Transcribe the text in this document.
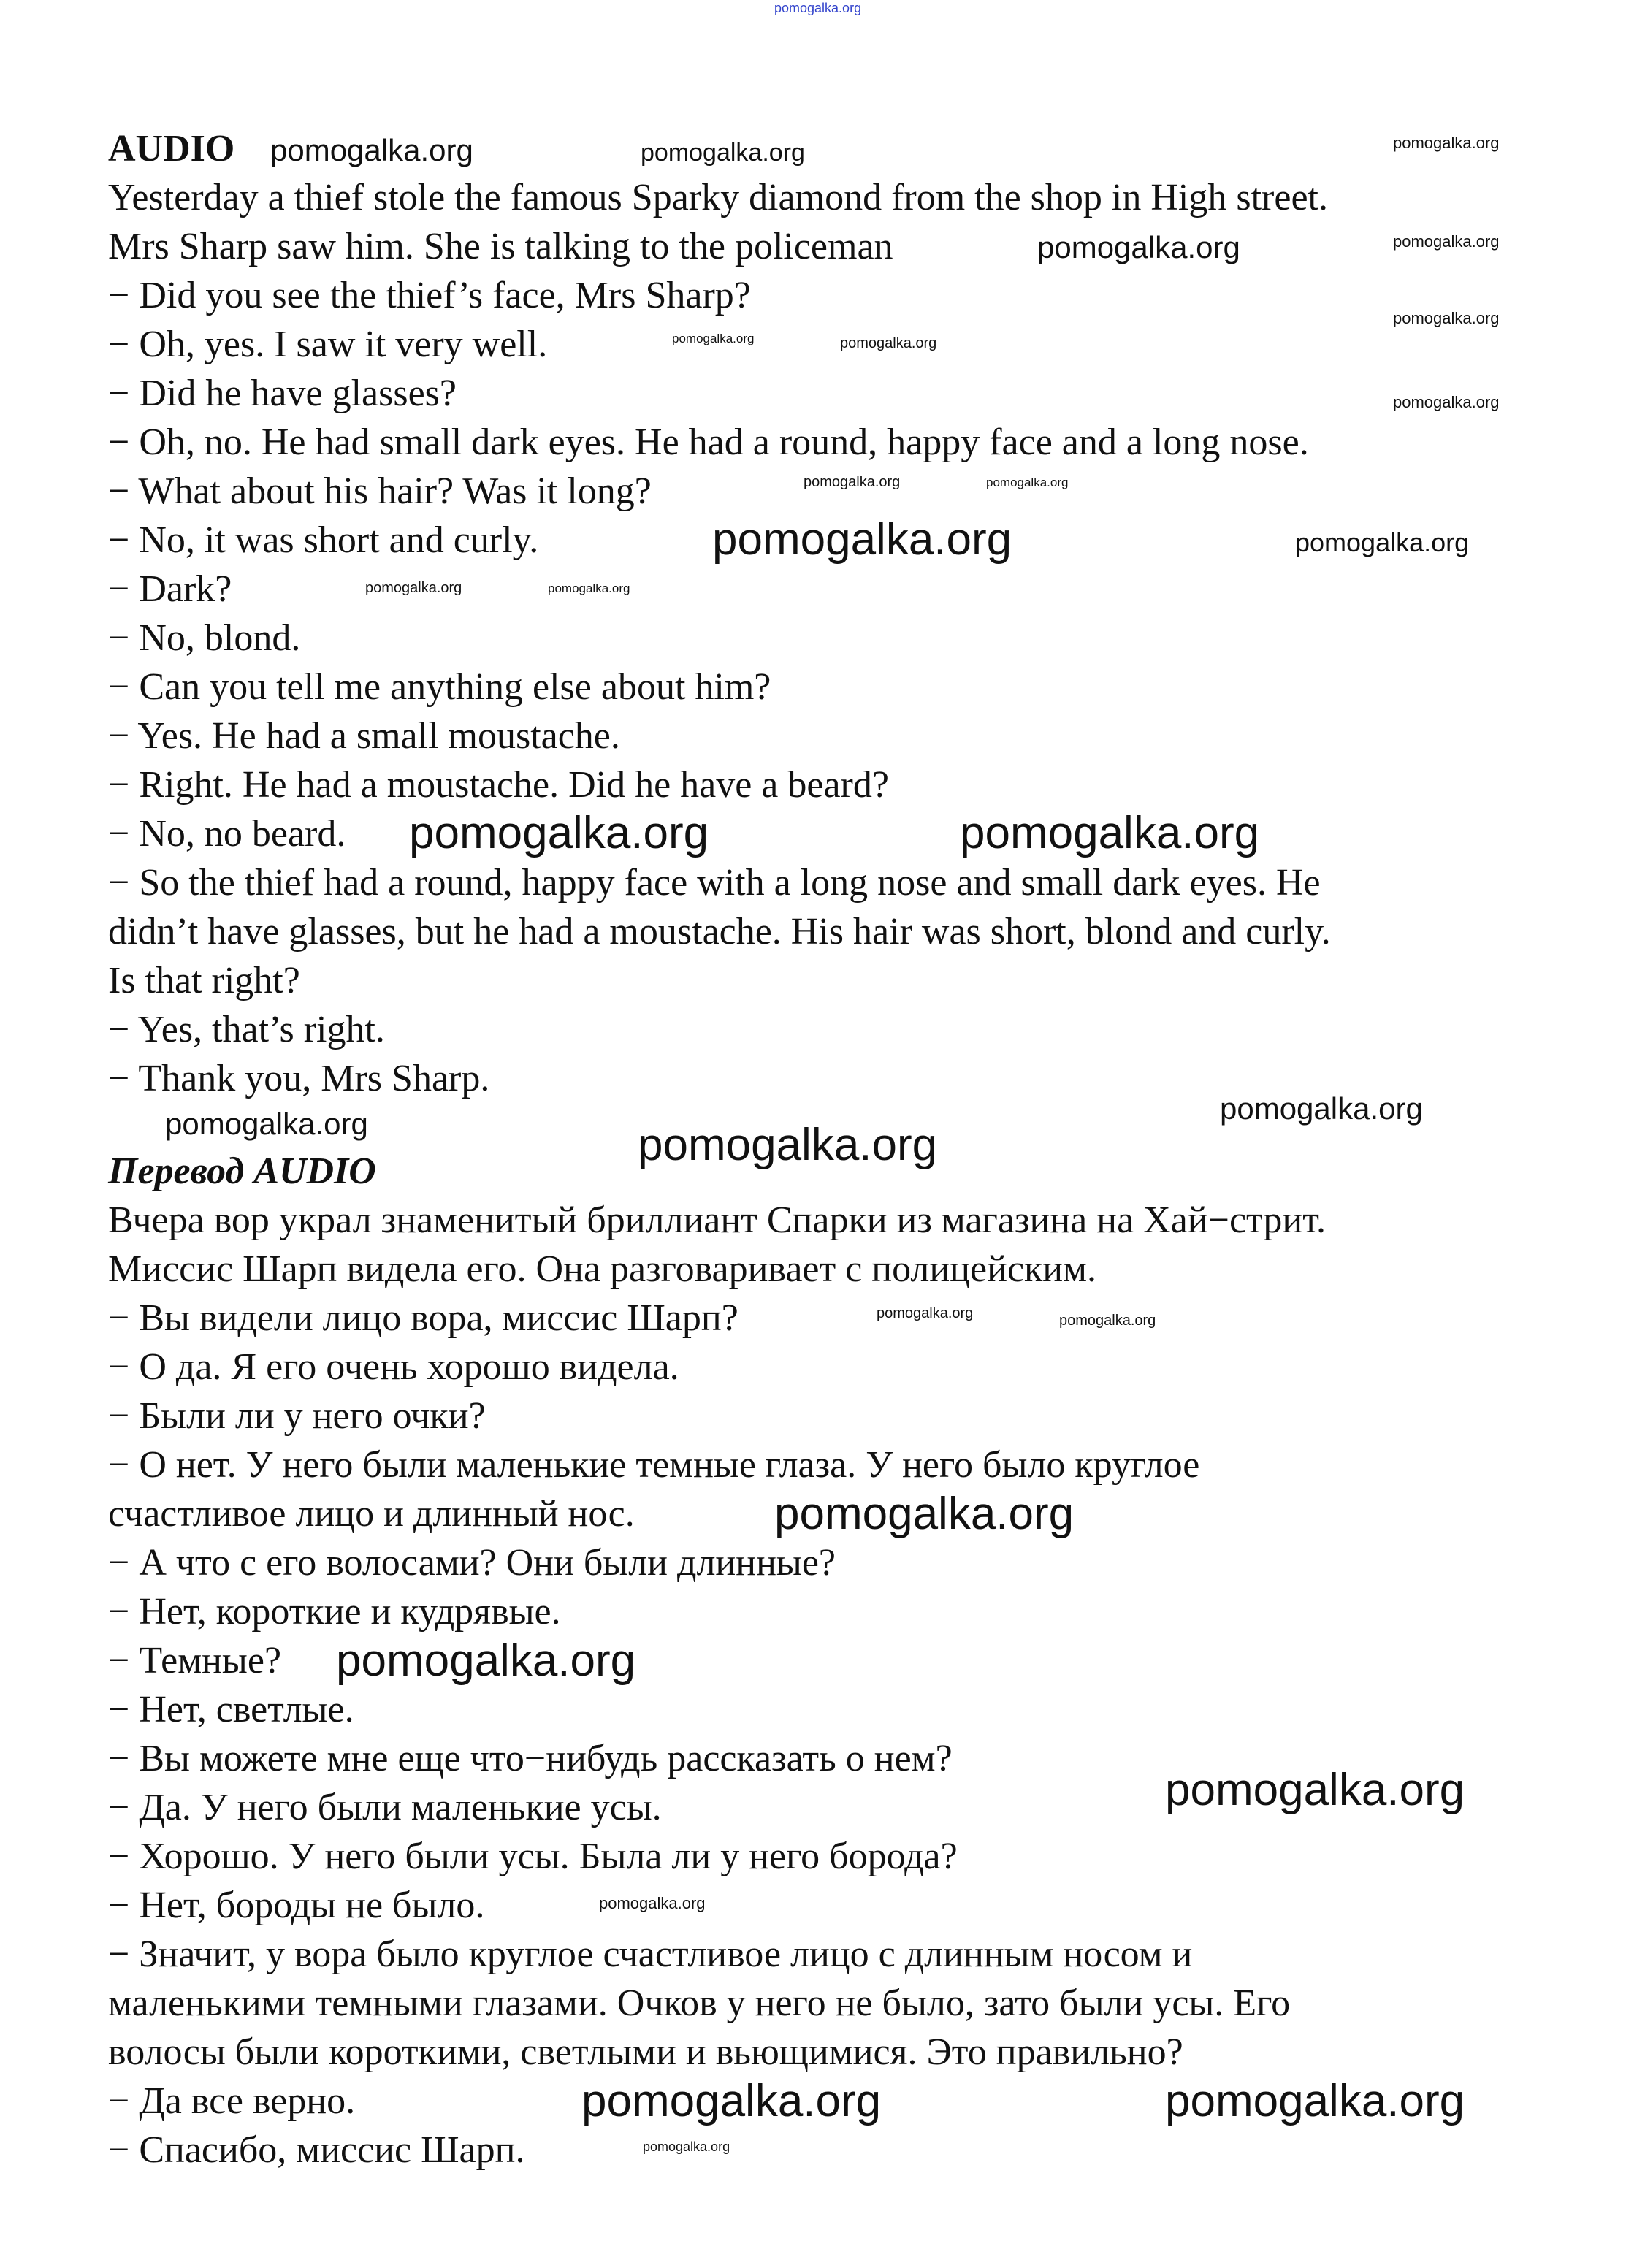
AUDIO
Yesterday a thief stole the famous Sparky diamond from the shop in High street.
Mrs Sharp saw him. She is talking to the policeman
− Did you see the thief’s face, Mrs Sharp?
− Oh, yes. I saw it very well.
− Did he have glasses?
− Oh, no. He had small dark eyes. He had a round, happy face and a long nose.
− What about his hair? Was it long?
− No, it was short and curly.
− Dark?
− No, blond.
− Can you tell me anything else about him?
− Yes. He had a small moustache.
− Right. He had a moustache. Did he have a beard?
− No, no beard.
− So the thief had a round, happy face with a long nose and small dark eyes. He
didn’t have glasses, but he had a moustache. His hair was short, blond and curly.
Is that right?
− Yes, that’s right.
− Thank you, Mrs Sharp.
Перевод AUDIO
Вчера вор украл знаменитый бриллиант Спарки из магазина на Хай−стрит.
Миссис Шарп видела его. Она разговаривает с полицейским.
− Вы видели лицо вора, миссис Шарп?
− О да. Я его очень хорошо видела.
− Были ли у него очки?
− О нет. У него были маленькие темные глаза. У него было круглое
счастливое лицо и длинный нос.
− А что с его волосами? Они были длинные?
− Нет, короткие и кудрявые.
− Темные?
− Нет, светлые.
− Вы можете мне еще что−нибудь рассказать о нем?
− Да. У него были маленькие усы.
− Хорошо. У него были усы. Была ли у него борода?
− Нет, бороды не было.
− Значит, у вора было круглое счастливое лицо с длинным носом и
маленькими темными глазами. Очков у него не было, зато были усы. Его
волосы были короткими, светлыми и вьющимися. Это правильно?
− Да все верно.
− Спасибо, миссис Шарп.
pomogalka.org
pomogalka.org	pomogalka.org	pomogalka.org
pomogalka.org
pomogalka.org
pomogalka.org
pomogalka.org
pomogalka.org	pomogalka.org
pomogalka.org	pomogalka.org
pomogalka.org	pomogalka.org
pomogalka.org	pomogalka.org
pomogalka.org	pomogalka.org
pomogalka.org	pomogalka.org
pomogalka.org
pomogalka.org	pomogalka.org
pomogalka.org
pomogalka.org
pomogalka.org
pomogalka.org
pomogalka.org	pomogalka.org
pomogalka.org
